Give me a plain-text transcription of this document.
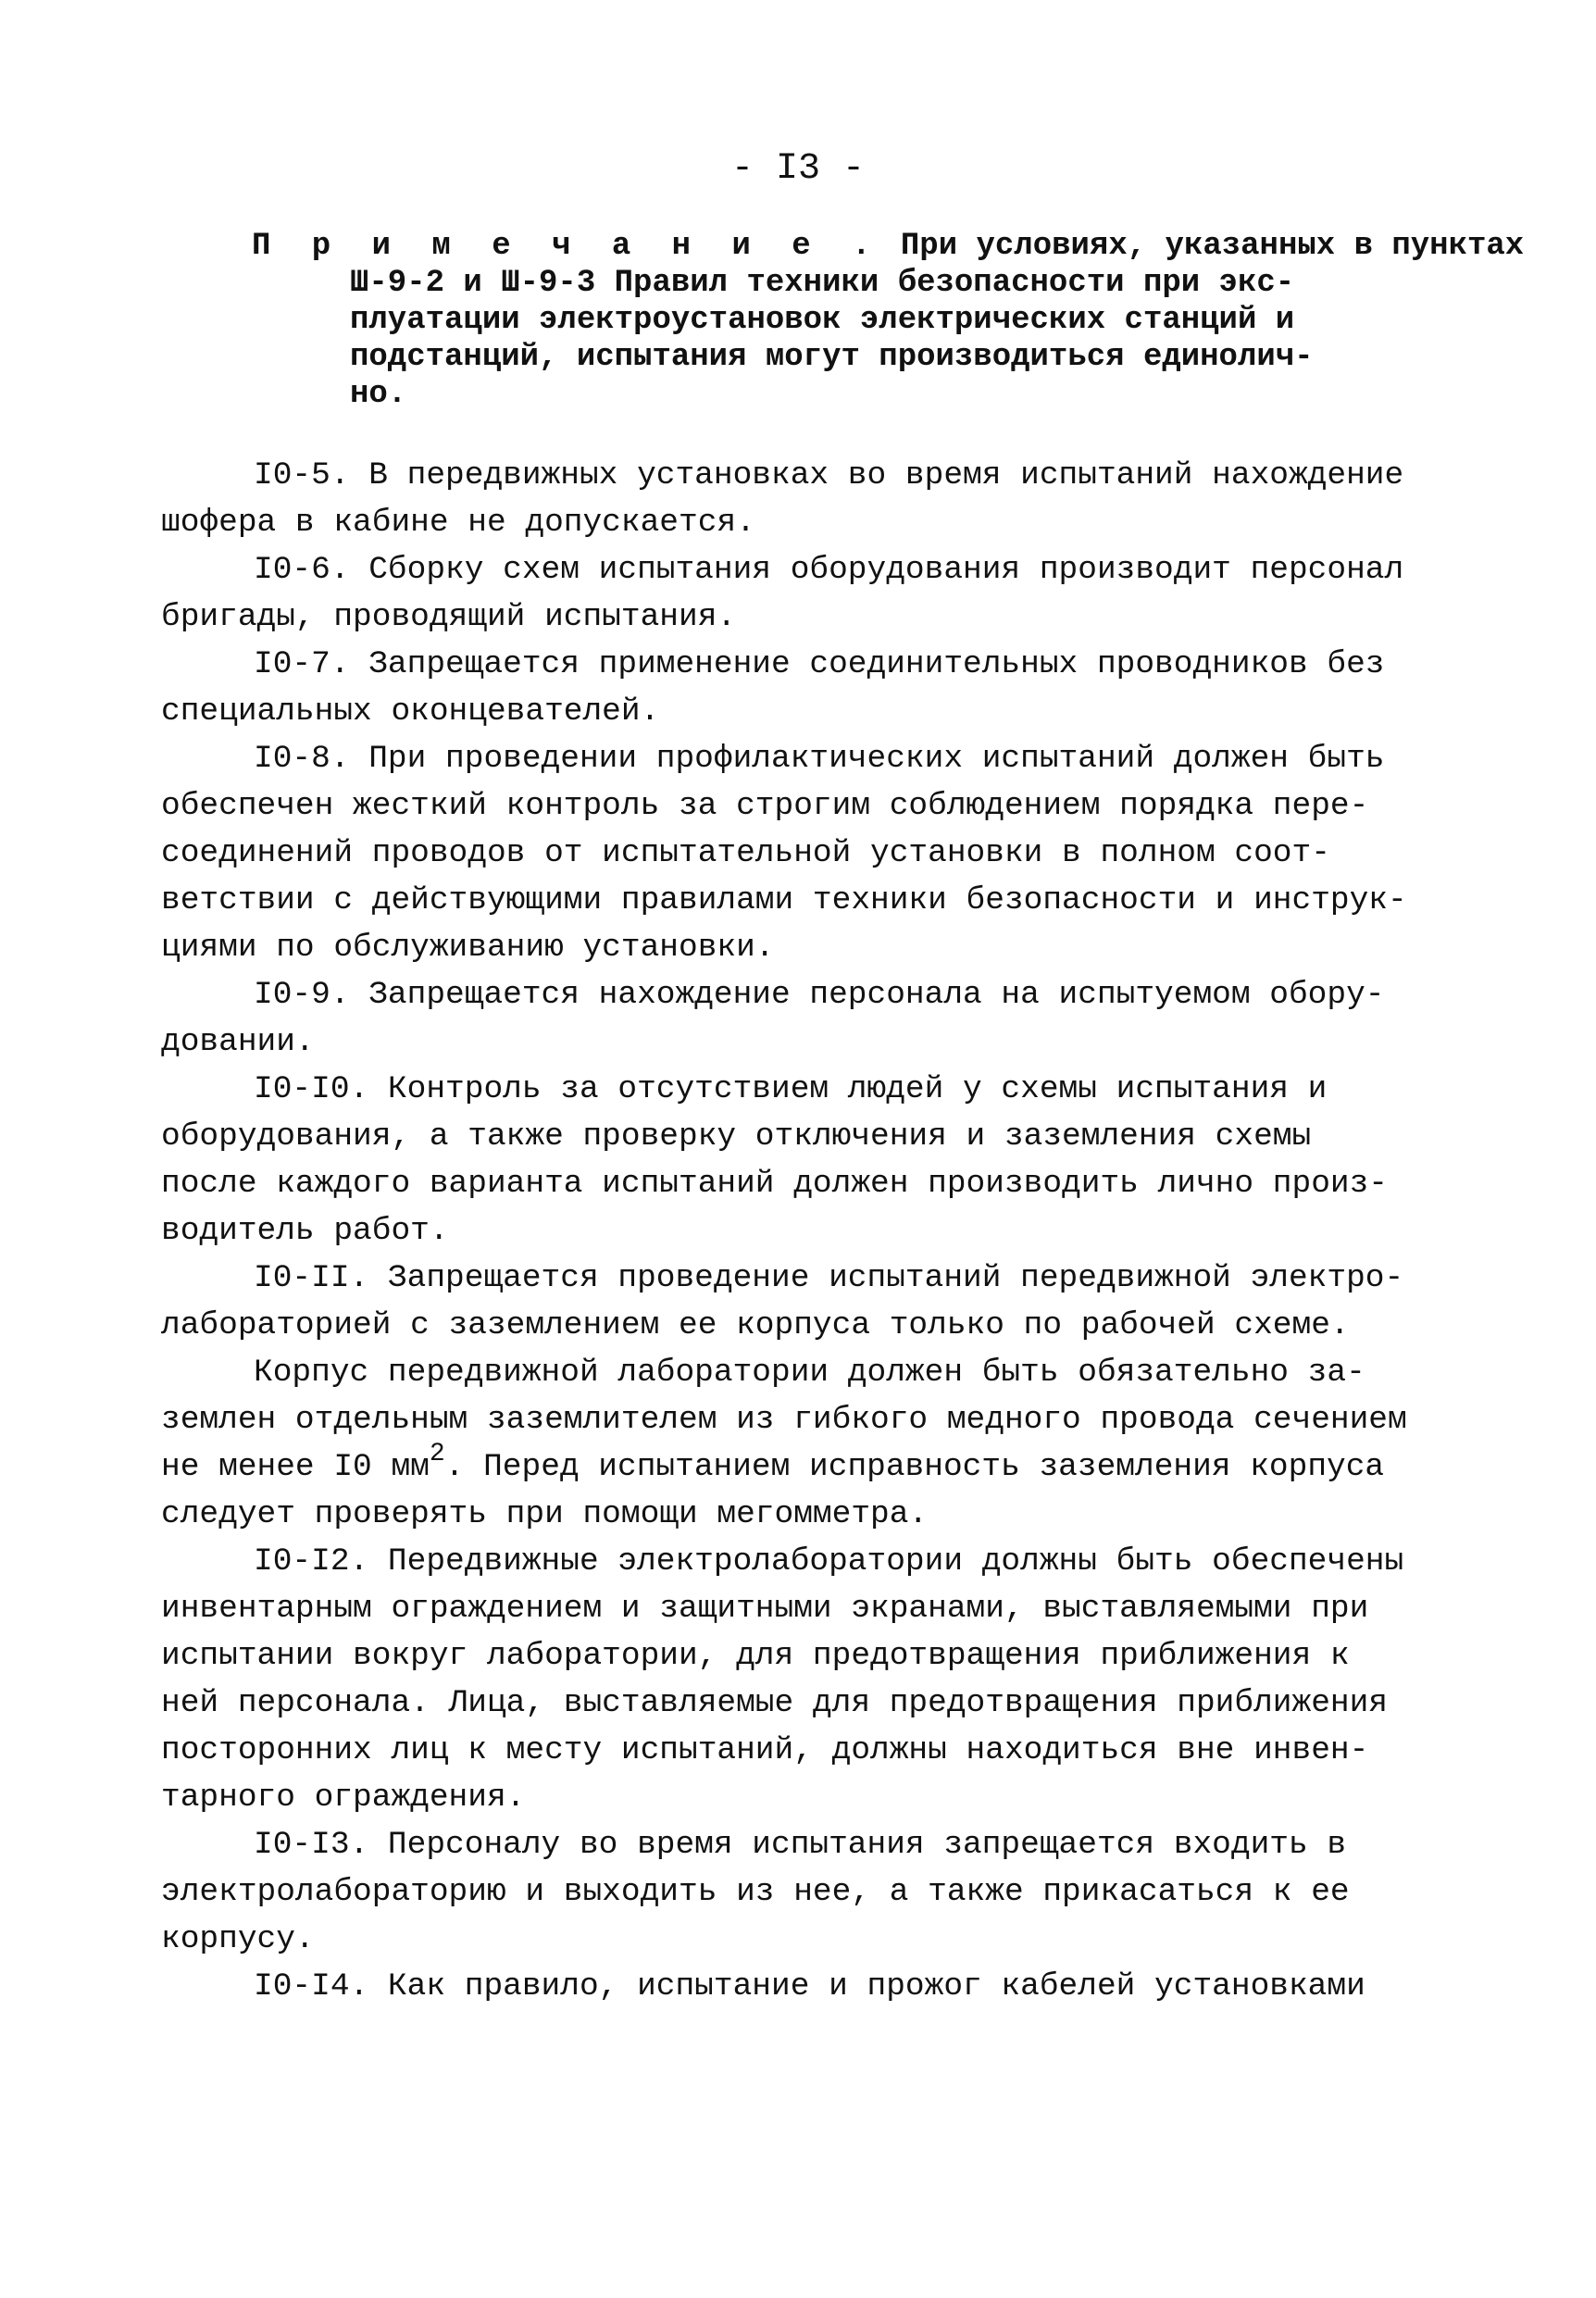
- I3 -
П р и м е ч а н и е . При условиях, указанных в пунктах
Ш-9-2 и Ш-9-3 Правил техники безопасности при экс-
плуатации электроустановок электрических станций и
подстанций, испытания могут производиться единолич-
но.
I0-5. В передвижных установках во время испытаний нахождение
шофера в кабине не допускается.
I0-6. Сборку схем испытания оборудования производит персонал
бригады, проводящий испытания.
I0-7. Запрещается применение соединительных проводников без
специальных оконцевателей.
I0-8. При проведении профилактических испытаний должен быть
обеспечен жесткий контроль за строгим соблюдением порядка пере-
соединений проводов от испытательной установки в полном соот-
ветствии с действующими правилами техники безопасности и инструк-
циями по обслуживанию установки.
I0-9. Запрещается нахождение персонала на испытуемом обору-
довании.
I0-I0. Контроль за отсутствием людей у схемы испытания и
оборудования, а также проверку отключения и заземления схемы
после каждого варианта испытаний должен производить лично произ-
водитель работ.
I0-II. Запрещается проведение испытаний передвижной электро-
лабораторией с заземлением ее корпуса только по рабочей схеме.
Корпус передвижной лаборатории должен быть обязательно за-
землен отдельным заземлителем из гибкого медного провода сечением
не менее I0 $мм^2$. Перед испытанием исправность заземления корпуса
следует проверять при помощи мегомметра.
I0-I2. Передвижные электролаборатории должны быть обеспечены
инвентарным ограждением и защитными экранами, выставляемыми при
испытании вокруг лаборатории, для предотвращения приближения к
ней персонала. Лица, выставляемые для предотвращения приближения
посторонних лиц к месту испытаний, должны находиться вне инвен-
тарного ограждения.
I0-I3. Персоналу во время испытания запрещается входить в
электролабораторию и выходить из нее, а также прикасаться к ее
корпусу.
I0-I4. Как правило, испытание и прожог кабелей установками
